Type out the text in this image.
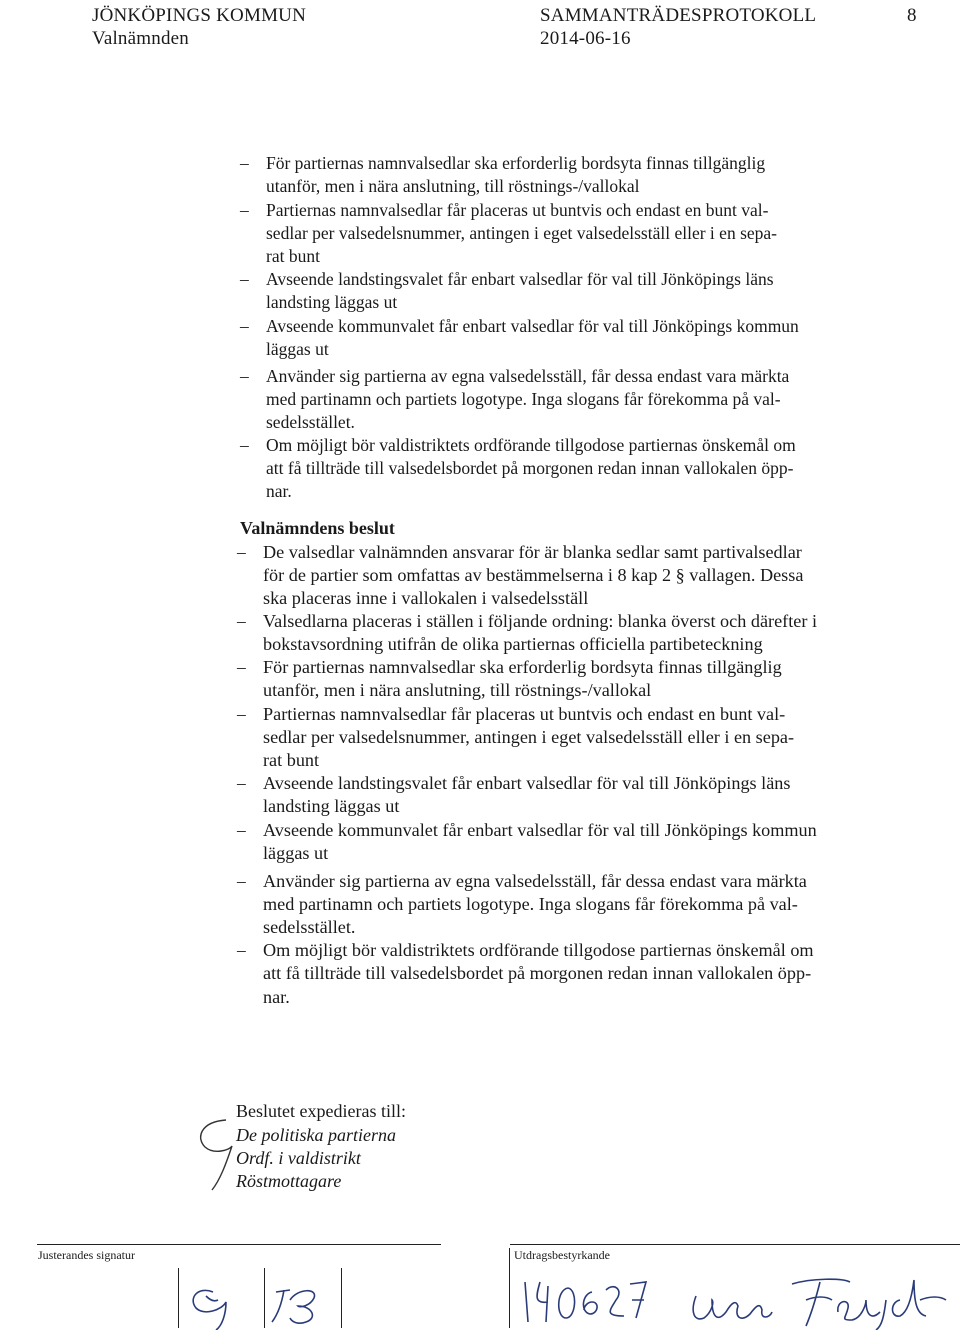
JÖNKÖPINGS KOMMUN
Valnämnden
SAMMANTRÄDESPROTOKOLL
2014-06-16
8
– För partiernas namnvalsedlar ska erforderlig bordsyta finnas tillgänglig
utanför, men i nära anslutning, till röstnings-/vallokal
– Partiernas namnvalsedlar får placeras ut buntvis och endast en bunt val-
sedlar per valsedelsnummer, antingen i eget valsedelsställ eller i en sepa-
rat bunt
– Avseende landstingsvalet får enbart valsedlar för val till Jönköpings läns
landsting läggas ut
– Avseende kommunvalet får enbart valsedlar för val till Jönköpings kommun
läggas ut
– Använder sig partierna av egna valsedelsställ, får dessa endast vara märkta
med partinamn och partiets logotype. Inga slogans får förekomma på val-
sedelsstället.
– Om möjligt bör valdistriktets ordförande tillgodose partiernas önskemål om
att få tillträde till valsedelsbordet på morgonen redan innan vallokalen öpp-
nar.
Valnämndens beslut
– De valsedlar valnämnden ansvarar för är blanka sedlar samt partivalsedlar
för de partier som omfattas av bestämmelserna i 8 kap 2 § vallagen. Dessa
ska placeras inne i vallokalen i valsedelsställ
– Valsedlarna placeras i ställen i följande ordning: blanka överst och därefter i
bokstavsordning utifrån de olika partiernas officiella partibeteckning
– För partiernas namnvalsedlar ska erforderlig bordsyta finnas tillgänglig
utanför, men i nära anslutning, till röstnings-/vallokal
– Partiernas namnvalsedlar får placeras ut buntvis och endast en bunt val-
sedlar per valsedelsnummer, antingen i eget valsedelsställ eller i en sepa-
rat bunt
– Avseende landstingsvalet får enbart valsedlar för val till Jönköpings läns
landsting läggas ut
– Avseende kommunvalet får enbart valsedlar för val till Jönköpings kommun
läggas ut
– Använder sig partierna av egna valsedelsställ, får dessa endast vara märkta
med partinamn och partiets logotype. Inga slogans får förekomma på val-
sedelsstället.
– Om möjligt bör valdistriktets ordförande tillgodose partiernas önskemål om
att få tillträde till valsedelsbordet på morgonen redan innan vallokalen öpp-
nar.
Beslutet expedieras till:
De politiska partierna
Ordf. i valdistrikt
Röstmottagare
Justerandes signatur	Utdragsbestyrkande
